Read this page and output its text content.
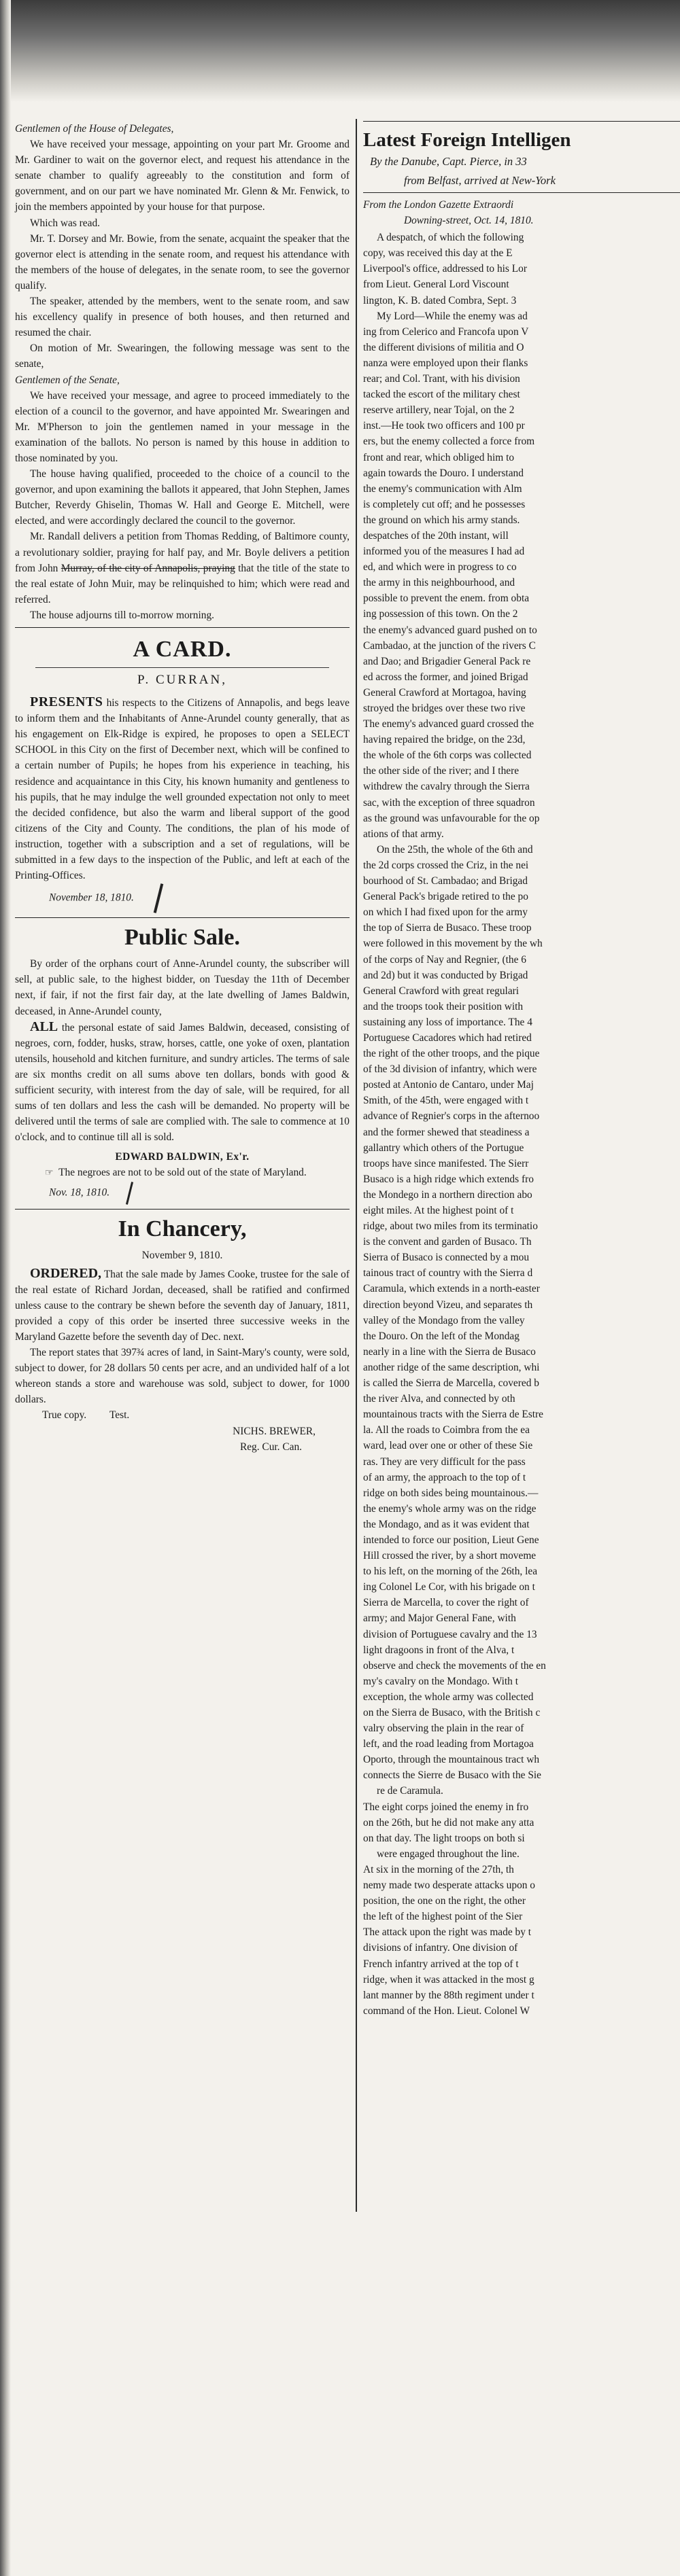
Gentlemen of the House of Delegates,

We have received your message, appointing on your part Mr. Groome and Mr. Gardiner to wait on the governor elect, and request his attendance in the senate chamber to qualify agreeably to the constitution and form of government, and on our part we have nominated Mr. Glenn & Mr. Fenwick, to join the members appointed by your house for that purpose.

Which was read.

Mr. T. Dorsey and Mr. Bowie, from the senate, acquaint the speaker that the governor elect is attending in the senate room, and request his attendance with the members of the house of delegates, in the senate room, to see the governor qualify.

The speaker, attended by the members, went to the senate room, and saw his excellency qualify in presence of both houses, and then returned and resumed the chair.

On motion of Mr. Swearingen, the following message was sent to the senate,

Gentlemen of the Senate,

We have received your message, and agree to proceed immediately to the election of a council to the governor, and have appointed Mr. Swearingen and Mr. M'Pherson to join the gentlemen named in your message in the examination of the ballots. No person is named by this house in addition to those nominated by you.

The house having qualified, proceeded to the choice of a council to the governor, and upon examining the ballots it appeared, that John Stephen, James Butcher, Reverdy Ghiselin, Thomas W. Hall and George E. Mitchell, were elected, and were accordingly declared the council to the governor.

Mr. Randall delivers a petition from Thomas Redding, of Baltimore county, a revolutionary soldier, praying for half pay, and Mr. Boyle delivers a petition from John Murray, of the city of Annapolis, praying that the title of the state to the real estate of John Muir, may be relinquished to him; which were read and referred.

The house adjourns till to-morrow morning.

A CARD.
P. CURRAN,

PRESENTS his respects to the Citizens of Annapolis, and begs leave to inform them and the Inhabitants of Anne-Arundel county generally, that as his engagement on Elk-Ridge is expired, he proposes to open a SELECT SCHOOL in this City on the first of December next, which will be confined to a certain number of Pupils; he hopes from his experience in teaching, his residence and acquaintance in this City, his known humanity and gentleness to his pupils, that he may indulge the well grounded expectation not only to meet the decided confidence, but also the warm and liberal support of the good citizens of the City and County. The conditions, the plan of his mode of instruction, together with a subscription and a set of regulations, will be submitted in a few days to the inspection of the Public, and left at each of the Printing-Offices.

November 18, 1810.

Public Sale.

By order of the orphans court of Anne-Arundel county, the subscriber will sell, at public sale, to the highest bidder, on Tuesday the 11th of December next, if fair, if not the first fair day, at the late dwelling of James Baldwin, deceased, in Anne-Arundel county,

ALL the personal estate of said James Baldwin, deceased, consisting of negroes, corn, fodder, husks, straw, horses, cattle, one yoke of oxen, plantation utensils, household and kitchen furniture, and sundry articles. The terms of sale are six months credit on all sums above ten dollars, bonds with good & sufficient security, with interest from the day of sale, will be required, for all sums of ten dollars and less the cash will be demanded. No property will be delivered until the terms of sale are complied with. The sale to commence at 10 o'clock, and to continue till all is sold.

EDWARD BALDWIN, Ex'r.

☞ The negroes are not to be sold out of the state of Maryland.

Nov. 18, 1810.

In Chancery,

November 9, 1810.

ORDERED, That the sale made by James Cooke, trustee for the sale of the real estate of Richard Jordan, deceased, shall be ratified and confirmed unless cause to the contrary be shewn before the seventh day of January, 1811, provided a copy of this order be inserted three successive weeks in the Maryland Gazette before the seventh day of Dec. next.

The report states that 397¾ acres of land, in Saint-Mary's county, were sold, subject to dower, for 28 dollars 50 cents per acre, and an undivided half of a lot whereon stands a store and warehouse was sold, subject to dower, for 1000 dollars.

True copy. Test.

NICHS. BREWER,

Reg. Cur. Can.

Latest Foreign Intelligen
By the Danube, Capt. Pierce, in 33
from Belfast, arrived at New-York
From the London Gazette Extraordi
Downing-street, Oct. 14, 1810.

A despatch, of which the following

copy, was received this day at the E

Liverpool's office, addressed to his Lor

from Lieut. General Lord Viscount

lington, K. B. dated Combra, Sept. 3

My Lord—While the enemy was ad

ing from Celerico and Francofa upon V

the different divisions of militia and O

nanza were employed upon their flanks

rear; and Col. Trant, with his division

tacked the escort of the military chest

reserve artillery, near Tojal, on the 2

inst.—He took two officers and 100 pr

ers, but the enemy collected a force from

front and rear, which obliged him to

again towards the Douro. I understand

the enemy's communication with Alm

is completely cut off; and he possesses

the ground on which his army stands.

despatches of the 20th instant, will

informed you of the measures I had ad

ed, and which were in progress to co

the army in this neighbourhood, and

possible to prevent the enem. from obta

ing possession of this town. On the 2

the enemy's advanced guard pushed on to

Cambadao, at the junction of the rivers C

and Dao; and Brigadier General Pack re

ed across the former, and joined Brigad

General Crawford at Mortagoa, having

stroyed the bridges over these two rive

The enemy's advanced guard crossed the

having repaired the bridge, on the 23d,

the whole of the 6th corps was collected

the other side of the river; and I there

withdrew the cavalry through the Sierra

sac, with the exception of three squadron

as the ground was unfavourable for the op

ations of that army.

On the 25th, the whole of the 6th and

the 2d corps crossed the Criz, in the nei

bourhood of St. Cambadao; and Brigad

General Pack's brigade retired to the po

on which I had fixed upon for the army

the top of Sierra de Busaco. These troop

were followed in this movement by the wh

of the corps of Nay and Regnier, (the 6

and 2d) but it was conducted by Brigad

General Crawford with great regulari

and the troops took their position with

sustaining any loss of importance. The 4

Portuguese Cacadores which had retired

the right of the other troops, and the pique

of the 3d division of infantry, which were

posted at Antonio de Cantaro, under Maj

Smith, of the 45th, were engaged with t

advance of Regnier's corps in the afternoo

and the former shewed that steadiness a

gallantry which others of the Portugue

troops have since manifested. The Sierr

Busaco is a high ridge which extends fro

the Mondego in a northern direction abo

eight miles. At the highest point of t

ridge, about two miles from its terminatio

is the convent and garden of Busaco. Th

Sierra of Busaco is connected by a mou

tainous tract of country with the Sierra d

Caramula, which extends in a north-easter

direction beyond Vizeu, and separates th

valley of the Mondago from the valley

the Douro. On the left of the Mondag

nearly in a line with the Sierra de Busaco

another ridge of the same description, whi

is called the Sierra de Marcella, covered b

the river Alva, and connected by oth

mountainous tracts with the Sierra de Estre

la. All the roads to Coimbra from the ea

ward, lead over one or other of these Sie

ras. They are very difficult for the pass

of an army, the approach to the top of t

ridge on both sides being mountainous.—

the enemy's whole army was on the ridge

the Mondago, and as it was evident that

intended to force our position, Lieut Gene

Hill crossed the river, by a short moveme

to his left, on the morning of the 26th, lea

ing Colonel Le Cor, with his brigade on t

Sierra de Marcella, to cover the right of

army; and Major General Fane, with

division of Portuguese cavalry and the 13

light dragoons in front of the Alva, t

observe and check the movements of the en

my's cavalry on the Mondago. With t

exception, the whole army was collected

on the Sierra de Busaco, with the British c

valry observing the plain in the rear of

left, and the road leading from Mortagoa

Oporto, through the mountainous tract wh

connects the Sierre de Busaco with the Sie

re de Caramula.

The eight corps joined the enemy in fro

on the 26th, but he did not make any atta

on that day. The light troops on both si

were engaged throughout the line.

At six in the morning of the 27th, th

nemy made two desperate attacks upon o

position, the one on the right, the other

the left of the highest point of the Sier

The attack upon the right was made by t

divisions of infantry. One division of

French infantry arrived at the top of t

ridge, when it was attacked in the most g

lant manner by the 88th regiment under t

command of the Hon. Lieut. Colonel W
